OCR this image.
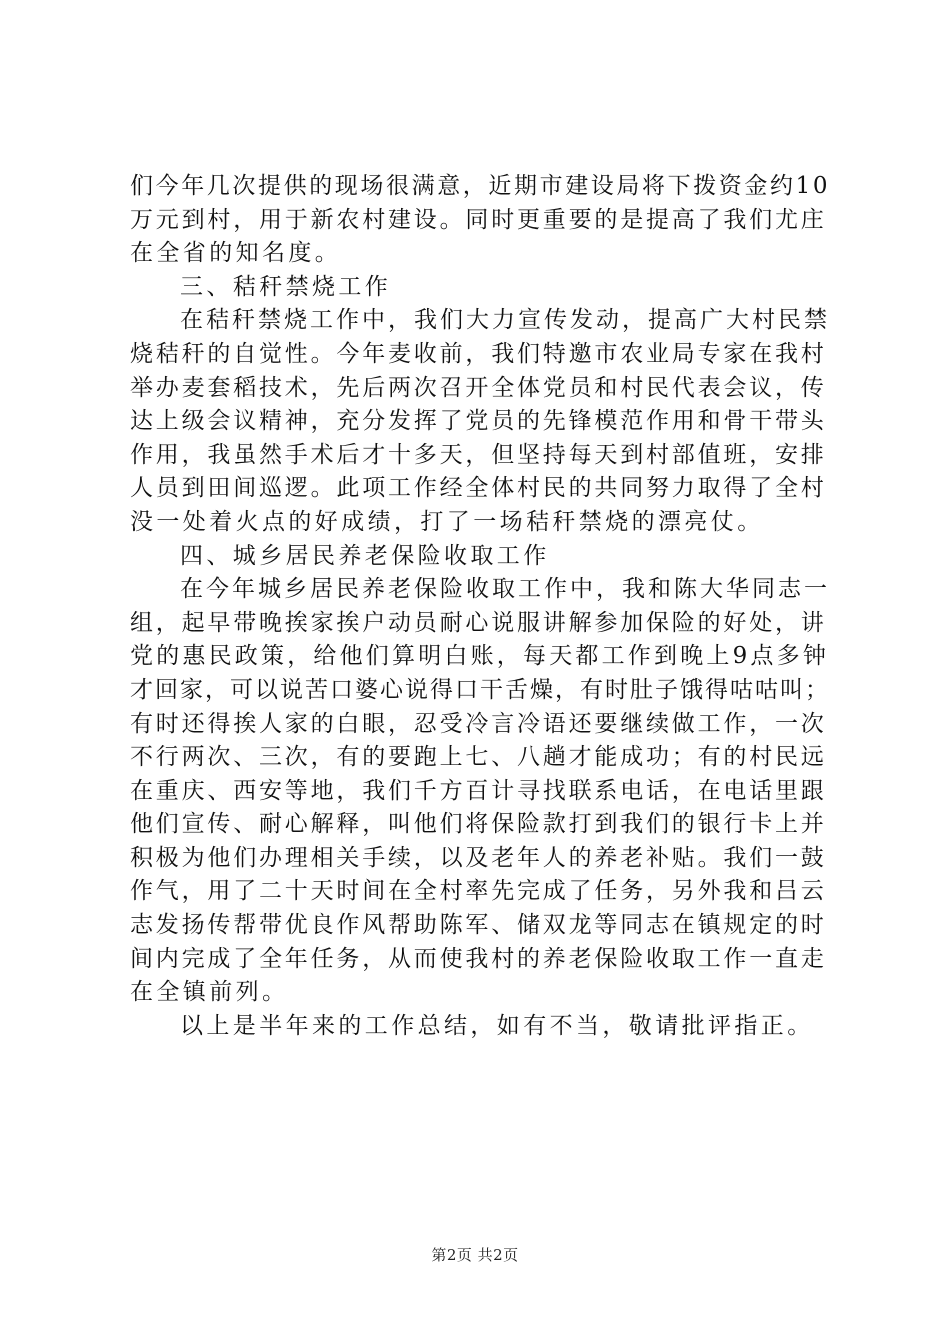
们今年几次提供的现场很满意，近期市建设局将下拨资金约10
万元到村，用于新农村建设。同时更重要的是提高了我们尤庄
在全省的知名度。
三、秸秆禁烧工作
在秸秆禁烧工作中，我们大力宣传发动，提高广大村民禁
烧秸秆的自觉性。今年麦收前，我们特邀市农业局专家在我村
举办麦套稻技术，先后两次召开全体党员和村民代表会议，传
达上级会议精神，充分发挥了党员的先锋模范作用和骨干带头
作用，我虽然手术后才十多天，但坚持每天到村部值班，安排
人员到田间巡逻。此项工作经全体村民的共同努力取得了全村
没一处着火点的好成绩，打了一场秸秆禁烧的漂亮仗。
四、城乡居民养老保险收取工作
在今年城乡居民养老保险收取工作中，我和陈大华同志一
组，起早带晚挨家挨户动员耐心说服讲解参加保险的好处，讲
党的惠民政策，给他们算明白账，每天都工作到晚上9点多钟
才回家，可以说苦口婆心说得口干舌燥，有时肚子饿得咕咕叫；
有时还得挨人家的白眼，忍受冷言冷语还要继续做工作，一次
不行两次、三次，有的要跑上七、八趟才能成功；有的村民远
在重庆、西安等地，我们千方百计寻找联系电话，在电话里跟
他们宣传、耐心解释，叫他们将保险款打到我们的银行卡上并
积极为他们办理相关手续，以及老年人的养老补贴。我们一鼓
作气，用了二十天时间在全村率先完成了任务，另外我和吕云
志发扬传帮带优良作风帮助陈军、储双龙等同志在镇规定的时
间内完成了全年任务，从而使我村的养老保险收取工作一直走
在全镇前列。
以上是半年来的工作总结，如有不当，敬请批评指正。
第2页 共2页
